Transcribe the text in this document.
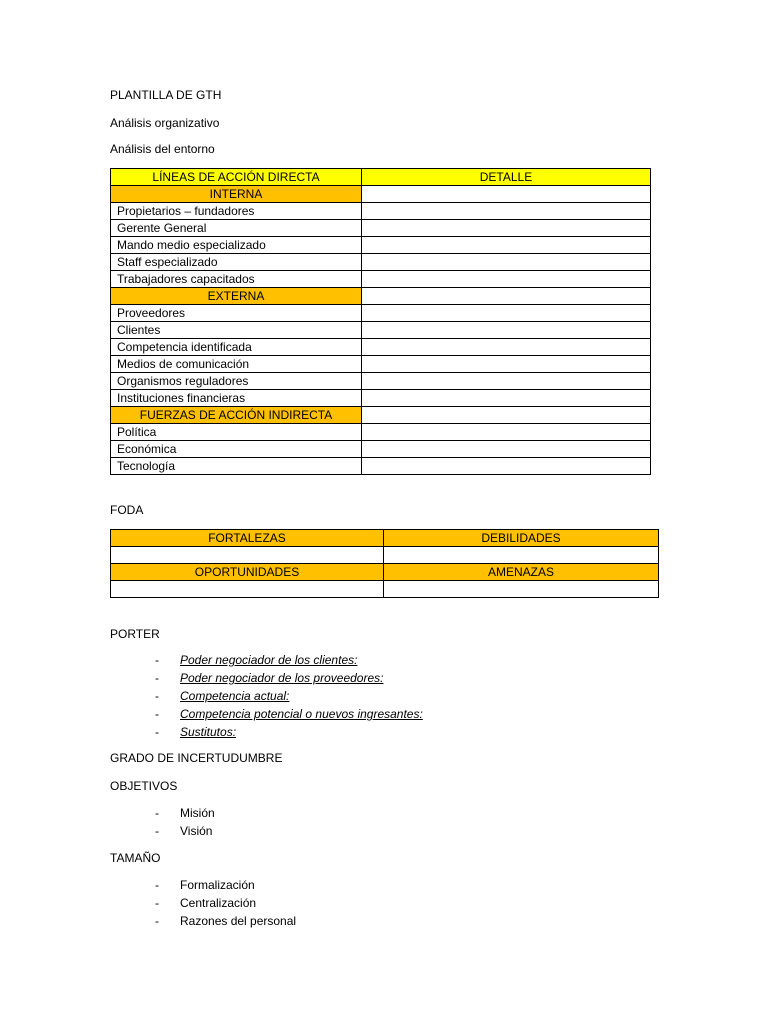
PLANTILLA DE GTH
Análisis organizativo
Análisis del entorno
LÍNEAS DE ACCIÓN DIRECTA	DETALLE
INTERNA	
Propietarios – fundadores	
Gerente General	
Mando medio especializado	
Staff especializado	
Trabajadores capacitados	
EXTERNA	
Proveedores	
Clientes	
Competencia identificada	
Medios de comunicación	
Organismos reguladores	
Instituciones financieras	
FUERZAS DE ACCIÓN INDIRECTA	
Política	
Económica	
Tecnología	
FODA
FORTALEZAS	DEBILIDADES

OPORTUNIDADES	AMENAZAS

PORTER
- Poder negociador de los clientes:
- Poder negociador de los proveedores:
- Competencia actual:
- Competencia potencial o nuevos ingresantes:
- Sustitutos:
GRADO DE INCERTUDUMBRE
OBJETIVOS
- Misión
- Visión
TAMAÑO
- Formalización
- Centralización
- Razones del personal
